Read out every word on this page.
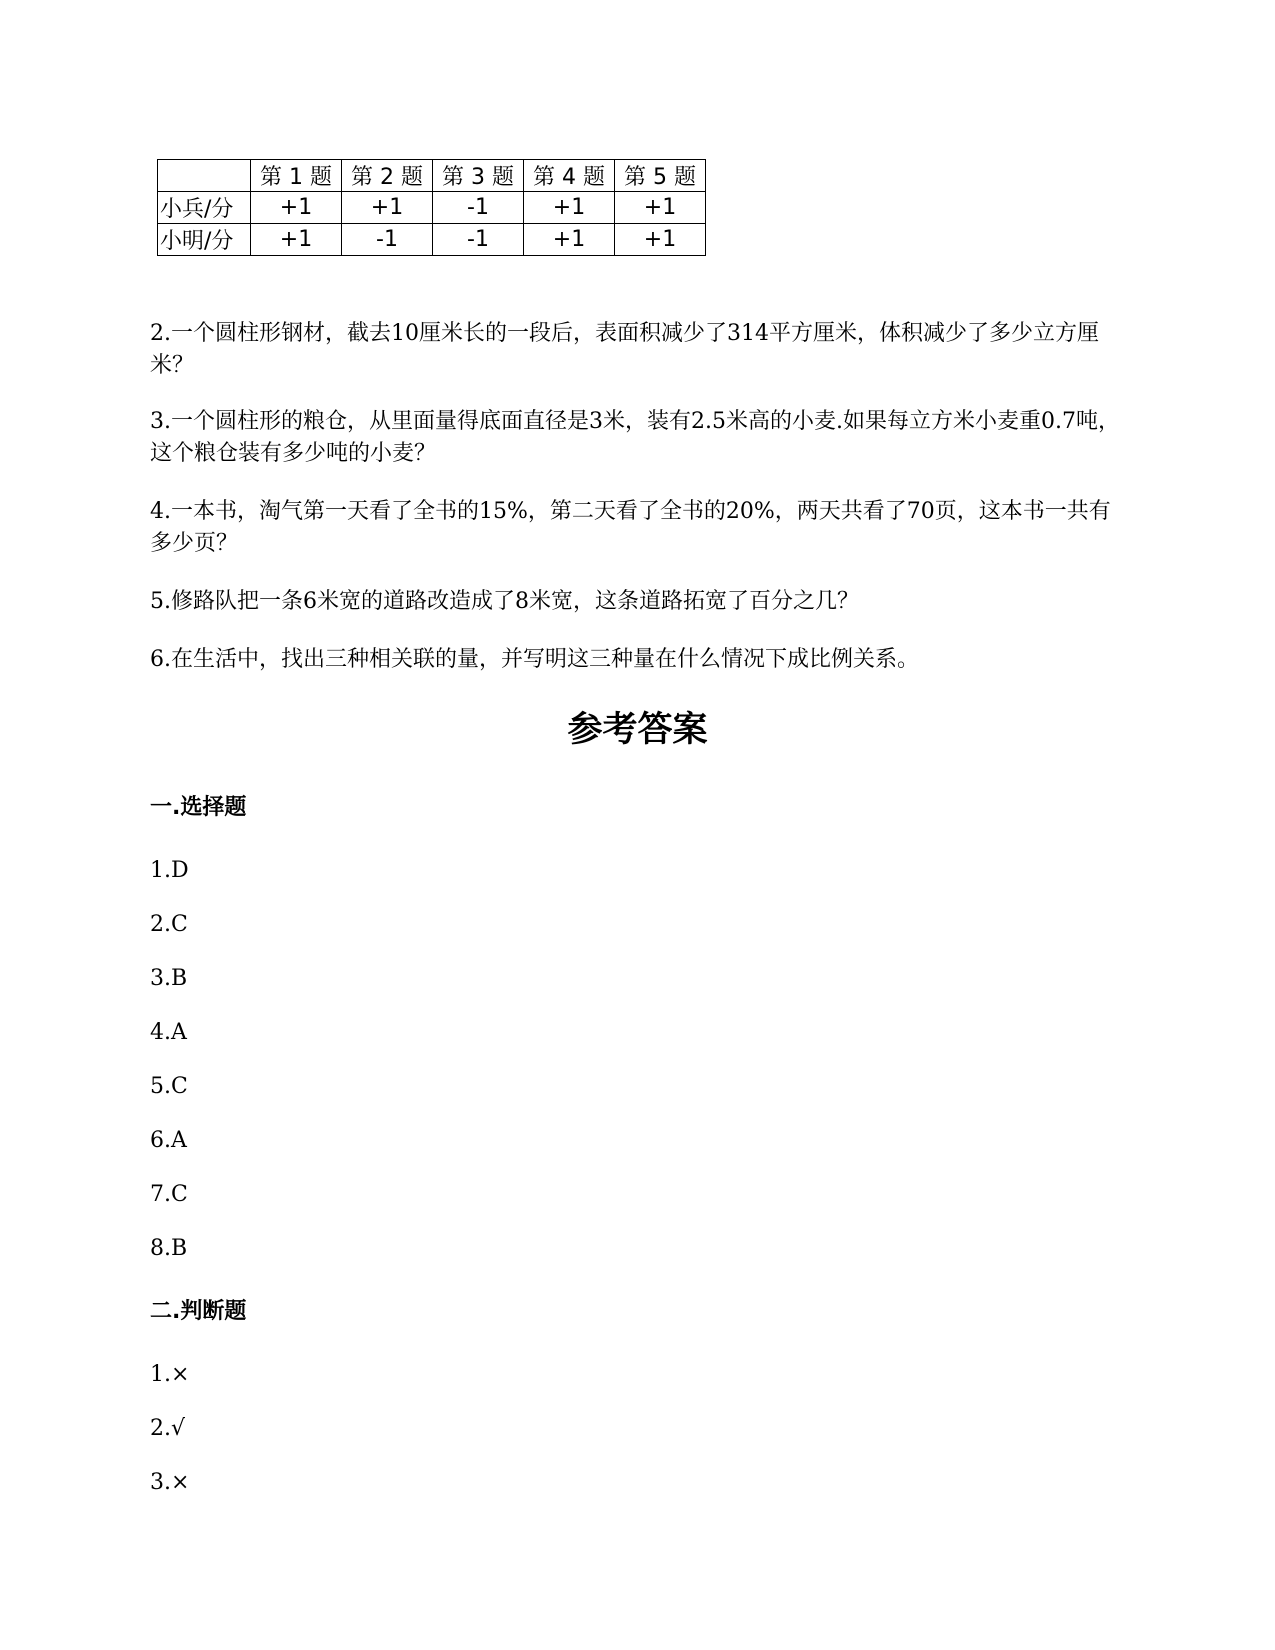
	第 1 题	第 2 题	第 3 题	第 4 题	第 5 题
小兵/分	+1	+1	-1	+1	+1
小明/分	+1	-1	-1	+1	+1

2.一个圆柱形钢材，截去10厘米长的一段后，表面积减少了314平方厘米，体积减少了多少立方厘米？

3.一个圆柱形的粮仓，从里面量得底面直径是3米，装有2.5米高的小麦.如果每立方米小麦重0.7吨，这个粮仓装有多少吨的小麦？

4.一本书，淘气第一天看了全书的15%，第二天看了全书的20%，两天共看了70页，这本书一共有多少页？

5.修路队把一条6米宽的道路改造成了8米宽，这条道路拓宽了百分之几？

6.在生活中，找出三种相关联的量，并写明这三种量在什么情况下成比例关系。

参考答案
一.选择题
1.D
2.C
3.B
4.A
5.C
6.A
7.C
8.B
二.判断题
1.×
2.√
3.×
